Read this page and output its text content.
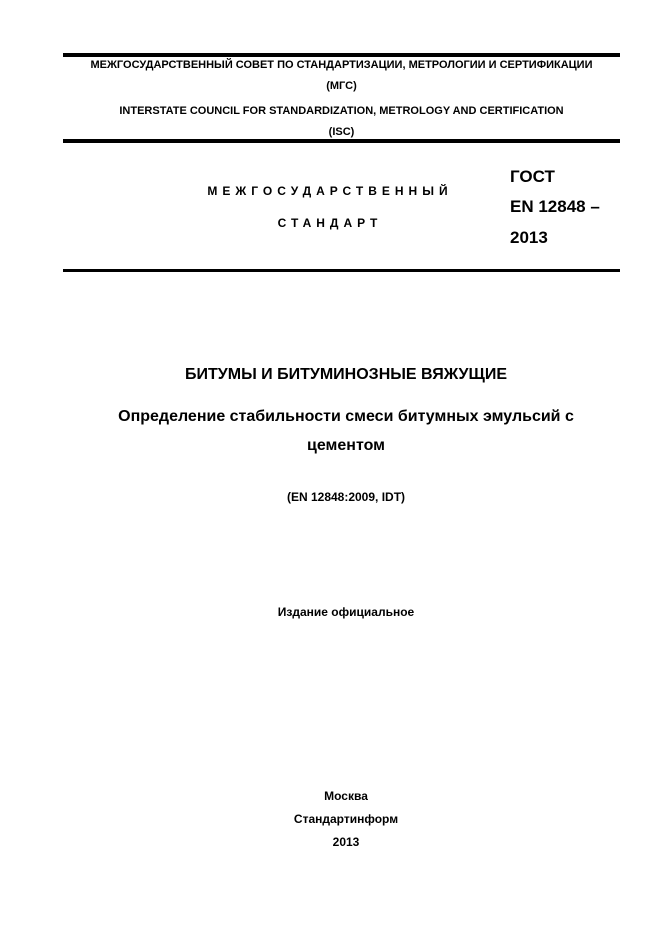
МЕЖГОСУДАРСТВЕННЫЙ СОВЕТ ПО СТАНДАРТИЗАЦИИ, МЕТРОЛОГИИ И СЕРТИФИКАЦИИ
(МГС)
INTERSTATE COUNCIL FOR STANDARDIZATION, METROLOGY AND CERTIFICATION
(ISC)
МЕЖГОСУДАРСТВЕННЫЙ
СТАНДАРТ
ГОСТ
EN 12848 –
2013
БИТУМЫ И БИТУМИНОЗНЫЕ ВЯЖУЩИЕ
Определение стабильности смеси битумных эмульсий с
цементом
(EN 12848:2009, IDT)
Издание официальное
Москва
Стандартинформ
2013
